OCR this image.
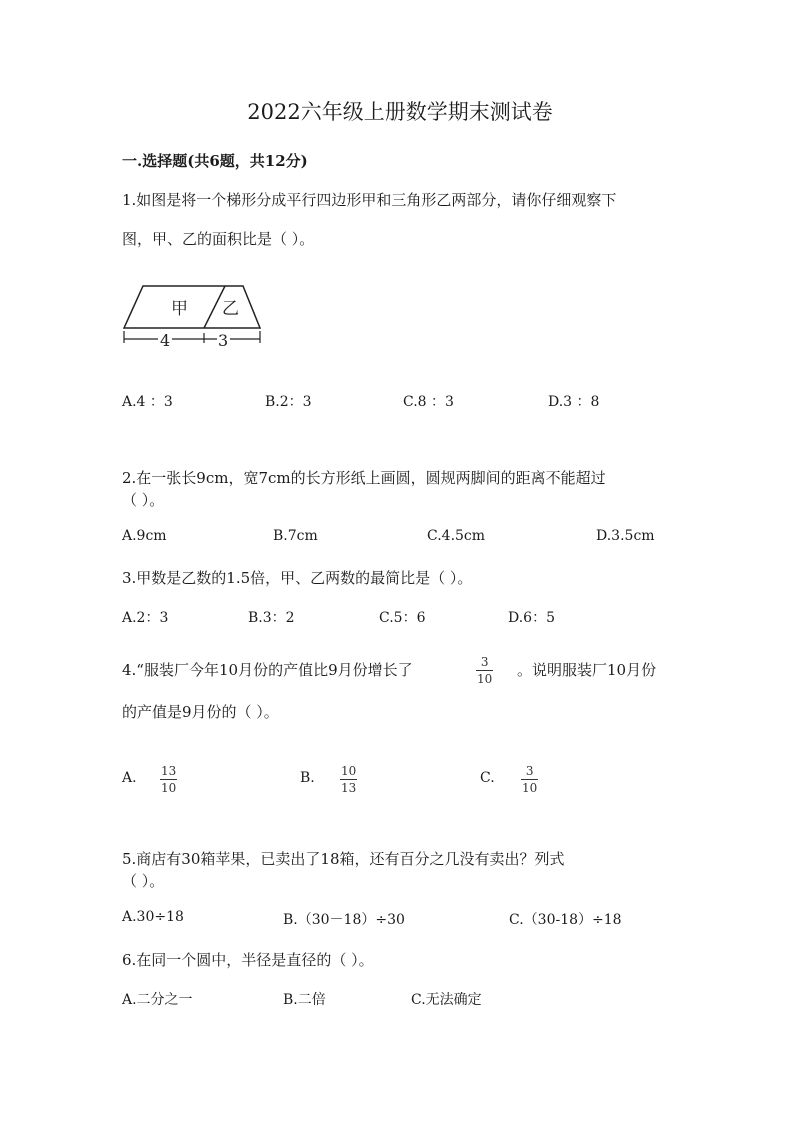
2022六年级上册数学期末测试卷
一.选择题(共6题，共12分)
1.如图是将一个梯形分成平行四边形甲和三角形乙两部分，请你仔细观察下
图，甲、乙的面积比是（ ）。
甲 乙
4	3
A.4 ：3	B.2：3	C.8 ：3	D.3 ：8
2.在一张长9cm，宽7cm的长方形纸上画圆，圆规两脚间的距离不能超过
（ ）。
A.9cm	B.7cm	C.4.5cm	D.3.5cm
3.甲数是乙数的1.5倍，甲、乙两数的最简比是（ ）。
A.2：3	B.3：2	C.5：6	D.6：5
4.“服装厂今年10月份的产值比9月份增长了	3
10 。说明服装厂10月份
的产值是9月份的（ ）。
A. 13
10
B. 10
13
C.	3
10
5.商店有30箱苹果，已卖出了18箱，还有百分之几没有卖出？列式
（ ）。
A.30÷18	B.（30－18）÷30	C.（30-18）÷18
6.在同一个圆中，半径是直径的（ ）。
A.二分之一	B.二倍	C.无法确定
